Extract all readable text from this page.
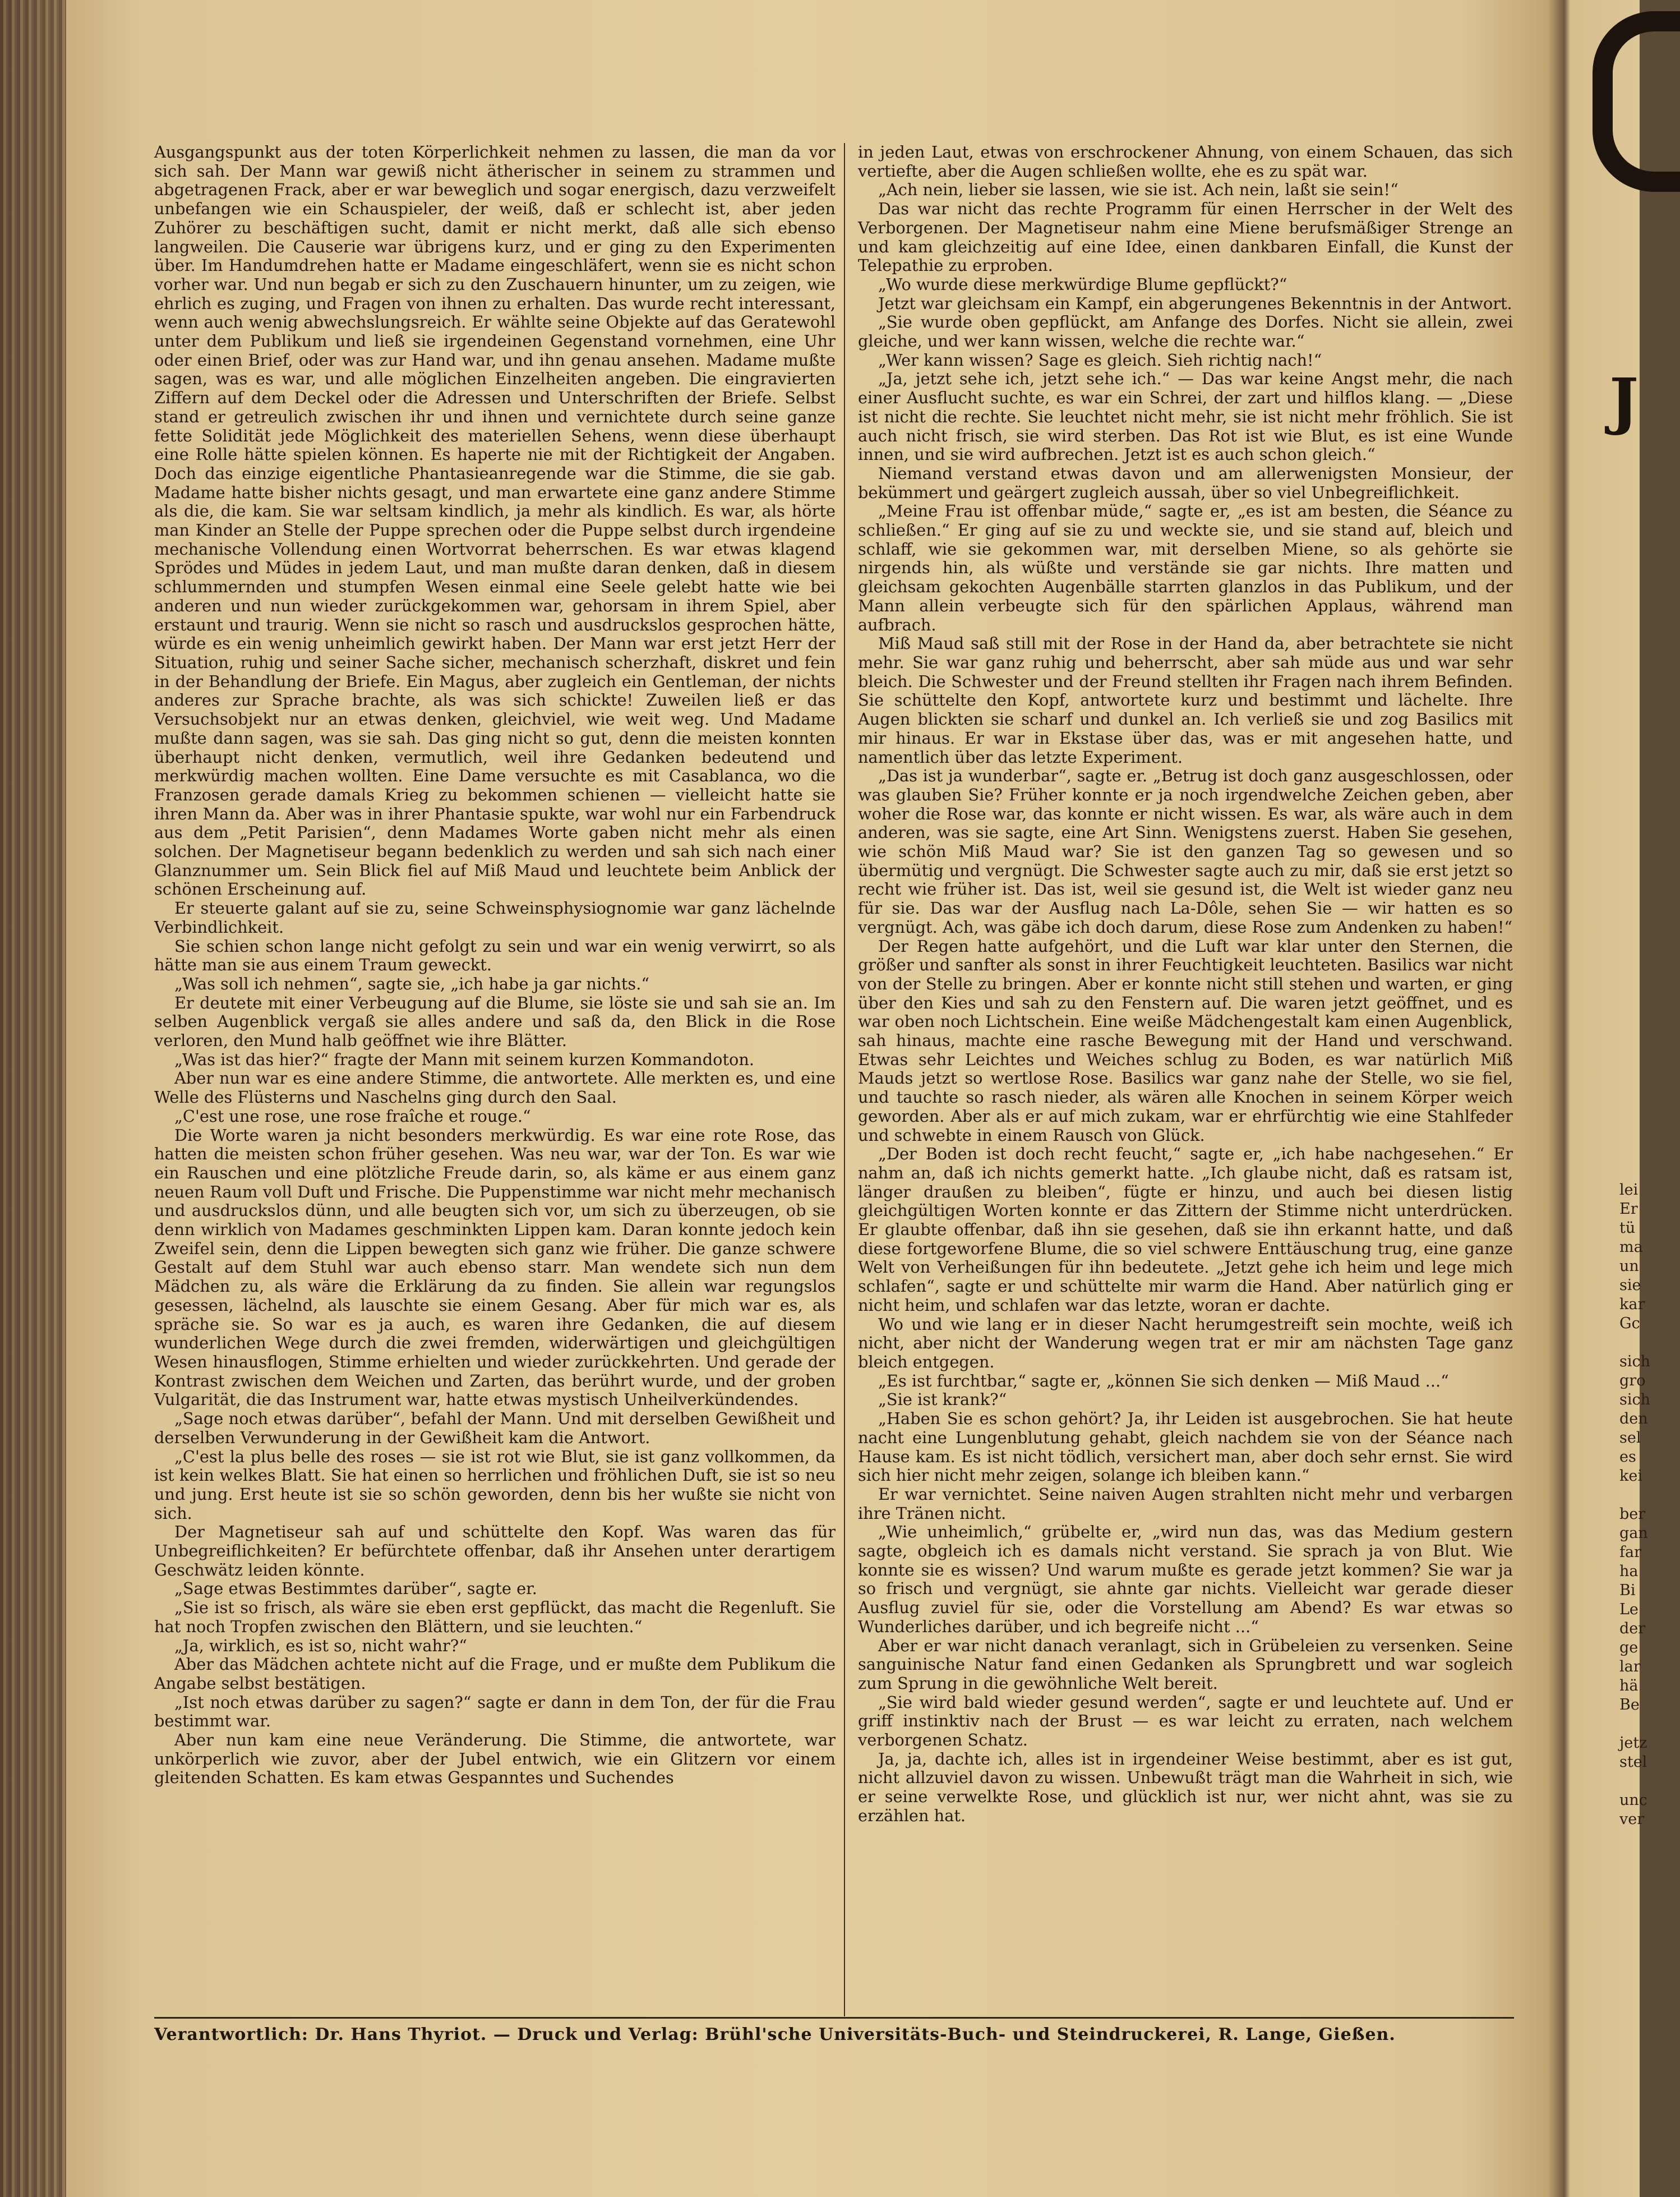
Ausgangspunkt aus der toten Körperlichkeit nehmen zu lassen, die man da vor sich sah. Der Mann war gewiß nicht ätherischer in seinem zu strammen und abgetragenen Frack, aber er war beweglich und sogar energisch, dazu verzweifelt unbefangen wie ein Schauspieler, der weiß, daß er schlecht ist, aber jeden Zuhörer zu beschäftigen sucht, damit er nicht merkt, daß alle sich ebenso langweilen. Die Causerie war übrigens kurz, und er ging zu den Experimenten über. Im Handumdrehen hatte er Madame eingeschläfert, wenn sie es nicht schon vorher war. Und nun begab er sich zu den Zuschauern hinunter, um zu zeigen, wie ehrlich es zuging, und Fragen von ihnen zu erhalten. Das wurde recht interessant, wenn auch wenig abwechslungsreich. Er wählte seine Objekte auf das Geratewohl unter dem Publikum und ließ sie irgendeinen Gegenstand vornehmen, eine Uhr oder einen Brief, oder was zur Hand war, und ihn genau ansehen. Madame mußte sagen, was es war, und alle möglichen Einzelheiten angeben. Die eingravierten Ziffern auf dem Deckel oder die Adressen und Unterschriften der Briefe. Selbst stand er getreulich zwischen ihr und ihnen und vernichtete durch seine ganze fette Solidität jede Möglichkeit des materiellen Sehens, wenn diese überhaupt eine Rolle hätte spielen können. Es haperte nie mit der Richtigkeit der Angaben. Doch das einzige eigentliche Phantasieanregende war die Stimme, die sie gab. Madame hatte bisher nichts gesagt, und man erwartete eine ganz andere Stimme als die, die kam. Sie war seltsam kindlich, ja mehr als kindlich. Es war, als hörte man Kinder an Stelle der Puppe sprechen oder die Puppe selbst durch irgendeine mechanische Vollendung einen Wortvorrat beherrschen. Es war etwas klagend Sprödes und Müdes in jedem Laut, und man mußte daran denken, daß in diesem schlummernden und stumpfen Wesen einmal eine Seele gelebt hatte wie bei anderen und nun wieder zurückgekommen war, gehorsam in ihrem Spiel, aber erstaunt und traurig. Wenn sie nicht so rasch und ausdruckslos gesprochen hätte, würde es ein wenig unheimlich gewirkt haben. Der Mann war erst jetzt Herr der Situation, ruhig und seiner Sache sicher, mechanisch scherzhaft, diskret und fein in der Behandlung der Briefe. Ein Magus, aber zugleich ein Gentleman, der nichts anderes zur Sprache brachte, als was sich schickte! Zuweilen ließ er das Versuchsobjekt nur an etwas denken, gleichviel, wie weit weg. Und Madame mußte dann sagen, was sie sah. Das ging nicht so gut, denn die meisten konnten überhaupt nicht denken, vermutlich, weil ihre Gedanken bedeutend und merkwürdig machen wollten. Eine Dame versuchte es mit Casablanca, wo die Franzosen gerade damals Krieg zu bekommen schienen — vielleicht hatte sie ihren Mann da. Aber was in ihrer Phantasie spukte, war wohl nur ein Farbendruck aus dem „Petit Parisien“, denn Madames Worte gaben nicht mehr als einen solchen. Der Magnetiseur begann bedenklich zu werden und sah sich nach einer Glanznummer um. Sein Blick fiel auf Miß Maud und leuchtete beim Anblick der schönen Erscheinung auf.

Er steuerte galant auf sie zu, seine Schweinsphysiognomie war ganz lächelnde Verbindlichkeit.

Sie schien schon lange nicht gefolgt zu sein und war ein wenig verwirrt, so als hätte man sie aus einem Traum geweckt.

„Was soll ich nehmen“, sagte sie, „ich habe ja gar nichts.“

Er deutete mit einer Verbeugung auf die Blume, sie löste sie und sah sie an. Im selben Augenblick vergaß sie alles andere und saß da, den Blick in die Rose verloren, den Mund halb geöffnet wie ihre Blätter.

„Was ist das hier?“ fragte der Mann mit seinem kurzen Kommandoton.

Aber nun war es eine andere Stimme, die antwortete. Alle merkten es, und eine Welle des Flüsterns und Naschelns ging durch den Saal.

„C'est une rose, une rose fraîche et rouge.“

Die Worte waren ja nicht besonders merkwürdig. Es war eine rote Rose, das hatten die meisten schon früher gesehen. Was neu war, war der Ton. Es war wie ein Rauschen und eine plötzliche Freude darin, so, als käme er aus einem ganz neuen Raum voll Duft und Frische. Die Puppenstimme war nicht mehr mechanisch und ausdruckslos dünn, und alle beugten sich vor, um sich zu überzeugen, ob sie denn wirklich von Madames geschminkten Lippen kam. Daran konnte jedoch kein Zweifel sein, denn die Lippen bewegten sich ganz wie früher. Die ganze schwere Gestalt auf dem Stuhl war auch ebenso starr. Man wendete sich nun dem Mädchen zu, als wäre die Erklärung da zu finden. Sie allein war regungslos gesessen, lächelnd, als lauschte sie einem Gesang. Aber für mich war es, als spräche sie. So war es ja auch, es waren ihre Gedanken, die auf diesem wunderlichen Wege durch die zwei fremden, widerwärtigen und gleichgültigen Wesen hinausflogen, Stimme erhielten und wieder zurückkehrten. Und gerade der Kontrast zwischen dem Weichen und Zarten, das berührt wurde, und der groben Vulgarität, die das Instrument war, hatte etwas mystisch Unheilverkündendes.

„Sage noch etwas darüber“, befahl der Mann. Und mit derselben Gewißheit und derselben Verwunderung in der Gewißheit kam die Antwort.

„C'est la plus belle des roses — sie ist rot wie Blut, sie ist ganz vollkommen, da ist kein welkes Blatt. Sie hat einen so herrlichen und fröhlichen Duft, sie ist so neu und jung. Erst heute ist sie so schön geworden, denn bis her wußte sie nicht von sich.

Der Magnetiseur sah auf und schüttelte den Kopf. Was waren das für Unbegreiflichkeiten? Er befürchtete offenbar, daß ihr Ansehen unter derartigem Geschwätz leiden könnte.

„Sage etwas Bestimmtes darüber“, sagte er.

„Sie ist so frisch, als wäre sie eben erst gepflückt, das macht die Regenluft. Sie hat noch Tropfen zwischen den Blättern, und sie leuchten.“

„Ja, wirklich, es ist so, nicht wahr?“

Aber das Mädchen achtete nicht auf die Frage, und er mußte dem Publikum die Angabe selbst bestätigen.

„Ist noch etwas darüber zu sagen?“ sagte er dann in dem Ton, der für die Frau bestimmt war.

Aber nun kam eine neue Veränderung. Die Stimme, die antwortete, war unkörperlich wie zuvor, aber der Jubel entwich, wie ein Glitzern vor einem gleitenden Schatten. Es kam etwas Gespanntes und Suchendes

in jeden Laut, etwas von erschrockener Ahnung, von einem Schauen, das sich vertiefte, aber die Augen schließen wollte, ehe es zu spät war.

„Ach nein, lieber sie lassen, wie sie ist. Ach nein, laßt sie sein!“

Das war nicht das rechte Programm für einen Herrscher in der Welt des Verborgenen. Der Magnetiseur nahm eine Miene berufsmäßiger Strenge an und kam gleichzeitig auf eine Idee, einen dankbaren Einfall, die Kunst der Telepathie zu erproben.

„Wo wurde diese merkwürdige Blume gepflückt?“

Jetzt war gleichsam ein Kampf, ein abgerungenes Bekenntnis in der Antwort.

„Sie wurde oben gepflückt, am Anfange des Dorfes. Nicht sie allein, zwei gleiche, und wer kann wissen, welche die rechte war.“

„Wer kann wissen? Sage es gleich. Sieh richtig nach!“

„Ja, jetzt sehe ich, jetzt sehe ich.“ — Das war keine Angst mehr, die nach einer Ausflucht suchte, es war ein Schrei, der zart und hilflos klang. — „Diese ist nicht die rechte. Sie leuchtet nicht mehr, sie ist nicht mehr fröhlich. Sie ist auch nicht frisch, sie wird sterben. Das Rot ist wie Blut, es ist eine Wunde innen, und sie wird aufbrechen. Jetzt ist es auch schon gleich.“

Niemand verstand etwas davon und am allerwenigsten Monsieur, der bekümmert und geärgert zugleich aussah, über so viel Unbegreiflichkeit.

„Meine Frau ist offenbar müde,“ sagte er, „es ist am besten, die Séance zu schließen.“ Er ging auf sie zu und weckte sie, und sie stand auf, bleich und schlaff, wie sie gekommen war, mit derselben Miene, so als gehörte sie nirgends hin, als wüßte und verstände sie gar nichts. Ihre matten und gleichsam gekochten Augenbälle starrten glanzlos in das Publikum, und der Mann allein verbeugte sich für den spärlichen Applaus, während man aufbrach.

Miß Maud saß still mit der Rose in der Hand da, aber betrachtete sie nicht mehr. Sie war ganz ruhig und beherrscht, aber sah müde aus und war sehr bleich. Die Schwester und der Freund stellten ihr Fragen nach ihrem Befinden. Sie schüttelte den Kopf, antwortete kurz und bestimmt und lächelte. Ihre Augen blickten sie scharf und dunkel an. Ich verließ sie und zog Basilics mit mir hinaus. Er war in Ekstase über das, was er mit angesehen hatte, und namentlich über das letzte Experiment.

„Das ist ja wunderbar“, sagte er. „Betrug ist doch ganz ausgeschlossen, oder was glauben Sie? Früher konnte er ja noch irgendwelche Zeichen geben, aber woher die Rose war, das konnte er nicht wissen. Es war, als wäre auch in dem anderen, was sie sagte, eine Art Sinn. Wenigstens zuerst. Haben Sie gesehen, wie schön Miß Maud war? Sie ist den ganzen Tag so gewesen und so übermütig und vergnügt. Die Schwester sagte auch zu mir, daß sie erst jetzt so recht wie früher ist. Das ist, weil sie gesund ist, die Welt ist wieder ganz neu für sie. Das war der Ausflug nach La-Dôle, sehen Sie — wir hatten es so vergnügt. Ach, was gäbe ich doch darum, diese Rose zum Andenken zu haben!“

Der Regen hatte aufgehört, und die Luft war klar unter den Sternen, die größer und sanfter als sonst in ihrer Feuchtigkeit leuchteten. Basilics war nicht von der Stelle zu bringen. Aber er konnte nicht still stehen und warten, er ging über den Kies und sah zu den Fenstern auf. Die waren jetzt geöffnet, und es war oben noch Lichtschein. Eine weiße Mädchengestalt kam einen Augenblick, sah hinaus, machte eine rasche Bewegung mit der Hand und verschwand. Etwas sehr Leichtes und Weiches schlug zu Boden, es war natürlich Miß Mauds jetzt so wertlose Rose. Basilics war ganz nahe der Stelle, wo sie fiel, und tauchte so rasch nieder, als wären alle Knochen in seinem Körper weich geworden. Aber als er auf mich zukam, war er ehrfürchtig wie eine Stahlfeder und schwebte in einem Rausch von Glück.

„Der Boden ist doch recht feucht,“ sagte er, „ich habe nachgesehen.“ Er nahm an, daß ich nichts gemerkt hatte. „Ich glaube nicht, daß es ratsam ist, länger draußen zu bleiben“, fügte er hinzu, und auch bei diesen listig gleichgültigen Worten konnte er das Zittern der Stimme nicht unterdrücken. Er glaubte offenbar, daß ihn sie gesehen, daß sie ihn erkannt hatte, und daß diese fortgeworfene Blume, die so viel schwere Enttäuschung trug, eine ganze Welt von Verheißungen für ihn bedeutete. „Jetzt gehe ich heim und lege mich schlafen“, sagte er und schüttelte mir warm die Hand. Aber natürlich ging er nicht heim, und schlafen war das letzte, woran er dachte.

Wo und wie lang er in dieser Nacht herumgestreift sein mochte, weiß ich nicht, aber nicht der Wanderung wegen trat er mir am nächsten Tage ganz bleich entgegen.

„Es ist furchtbar,“ sagte er, „können Sie sich denken — Miß Maud ...“

„Sie ist krank?“

„Haben Sie es schon gehört? Ja, ihr Leiden ist ausgebrochen. Sie hat heute nacht eine Lungenblutung gehabt, gleich nachdem sie von der Séance nach Hause kam. Es ist nicht tödlich, versichert man, aber doch sehr ernst. Sie wird sich hier nicht mehr zeigen, solange ich bleiben kann.“

Er war vernichtet. Seine naiven Augen strahlten nicht mehr und verbargen ihre Tränen nicht.

„Wie unheimlich,“ grübelte er, „wird nun das, was das Medium gestern sagte, obgleich ich es damals nicht verstand. Sie sprach ja von Blut. Wie konnte sie es wissen? Und warum mußte es gerade jetzt kommen? Sie war ja so frisch und vergnügt, sie ahnte gar nichts. Vielleicht war gerade dieser Ausflug zuviel für sie, oder die Vorstellung am Abend? Es war etwas so Wunderliches darüber, und ich begreife nicht ...“

Aber er war nicht danach veranlagt, sich in Grübeleien zu versenken. Seine sanguinische Natur fand einen Gedanken als Sprungbrett und war sogleich zum Sprung in die gewöhnliche Welt bereit.

„Sie wird bald wieder gesund werden“, sagte er und leuchtete auf. Und er griff instinktiv nach der Brust — es war leicht zu erraten, nach welchem verborgenen Schatz.

Ja, ja, dachte ich, alles ist in irgendeiner Weise bestimmt, aber es ist gut, nicht allzuviel davon zu wissen. Unbewußt trägt man die Wahrheit in sich, wie er seine verwelkte Rose, und glücklich ist nur, wer nicht ahnt, was sie zu erzählen hat.

Verantwortlich: Dr. Hans Thyriot. — Druck und Verlag: Brühl'sche Universitäts-Buch- und Steindruckerei, R. Lange, Gießen.
J
lei
Er
tü
ma
un
sie
kar
Gc
sich
gro
sich
den
sel
es
kei
ber
gan
far
ha
Bi
Le
der
ge
lar
hä
Be
jetz
stel
unc
ver
